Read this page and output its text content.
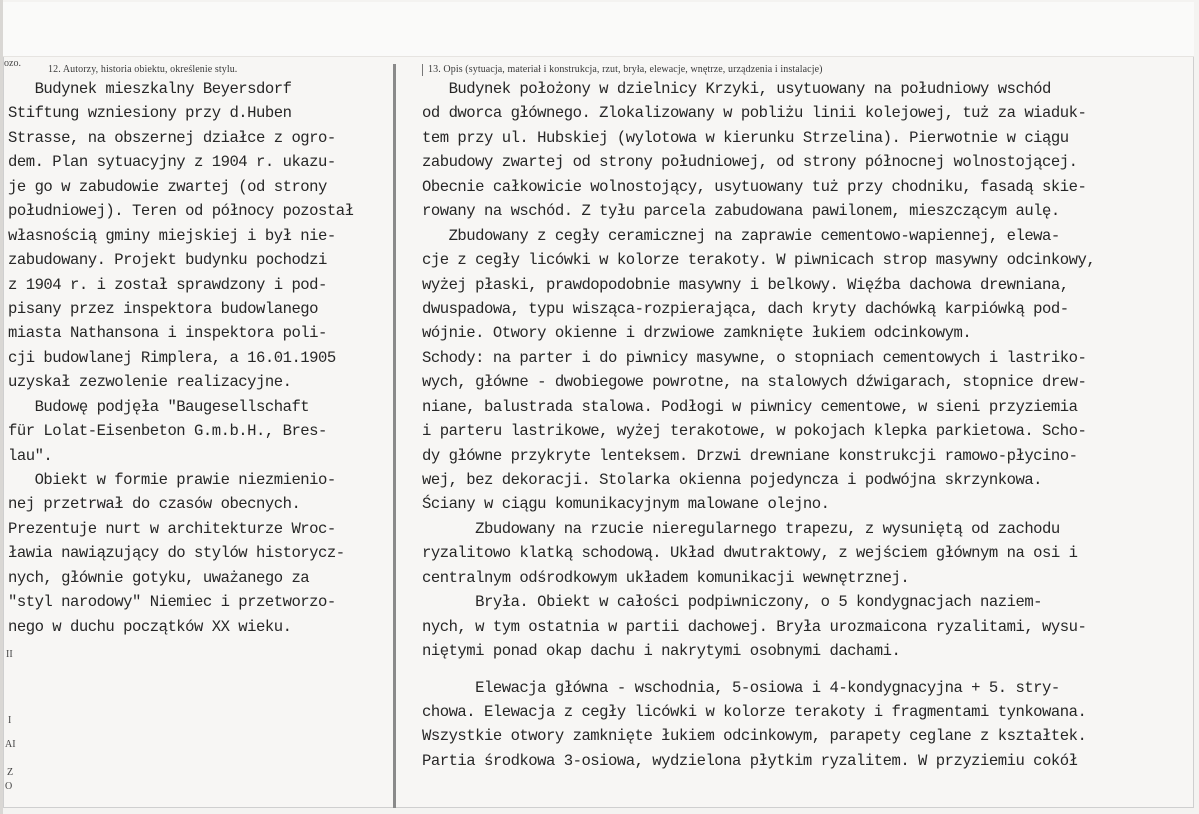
ozo.
II
I
AI
Z
O
12. Autorzy, historia obiektu, określenie stylu.	13. Opis (sytuacja, materiał i konstrukcja, rzut, bryła, elewacje, wnętrze, urządzenia i instalacje)
Budynek mieszkalny Beyersdorf
Stiftung wzniesiony przy d.Huben
Strasse, na obszernej działce z ogro-
dem. Plan sytuacyjny z 1904 r. ukazu-
je go w zabudowie zwartej (od strony
południowej). Teren od północy pozostał
własnością gminy miejskiej i był nie-
zabudowany. Projekt budynku pochodzi
z 1904 r. i został sprawdzony i pod-
pisany przez inspektora budowlanego
miasta Nathansona i inspektora poli-
cji budowlanej Rimplera, a 16.01.1905
uzyskał zezwolenie realizacyjne.
Budowę podjęła "Baugesellschaft
für Lolat-Eisenbeton G.m.b.H., Bres-
lau".
Obiekt w formie prawie niezmienio-
nej przetrwał do czasów obecnych.
Prezentuje nurt w architekturze Wroc-
ławia nawiązujący do stylów historycz-
nych, głównie gotyku, uważanego za
"styl narodowy" Niemiec i przetworzo-
nego w duchu początków XX wieku.
Budynek położony w dzielnicy Krzyki, usytuowany na południowy wschód
od dworca głównego. Zlokalizowany w pobliżu linii kolejowej, tuż za wiaduk-
tem przy ul. Hubskiej (wylotowa w kierunku Strzelina). Pierwotnie w ciągu
zabudowy zwartej od strony południowej, od strony północnej wolnostojącej.
Obecnie całkowicie wolnostojący, usytuowany tuż przy chodniku, fasadą skie-
rowany na wschód. Z tyłu parcela zabudowana pawilonem, mieszczącym aulę.
Zbudowany z cegły ceramicznej na zaprawie cementowo-wapiennej, elewa-
cje z cegły licówki w kolorze terakoty. W piwnicach strop masywny odcinkowy,
wyżej płaski, prawdopodobnie masywny i belkowy. Więźba dachowa drewniana,
dwuspadowa, typu wisząca-rozpierająca, dach kryty dachówką karpiówką pod-
wójnie. Otwory okienne i drzwiowe zamknięte łukiem odcinkowym.
Schody: na parter i do piwnicy masywne, o stopniach cementowych i lastriko-
wych, główne - dwobiegowe powrotne, na stalowych dźwigarach, stopnice drew-
niane, balustrada stalowa. Podłogi w piwnicy cementowe, w sieni przyziemia
i parteru lastrikowe, wyżej terakotowe, w pokojach klepka parkietowa. Scho-
dy główne przykryte lenteksem. Drzwi drewniane konstrukcji ramowo-płycino-
wej, bez dekoracji. Stolarka okienna pojedyncza i podwójna skrzynkowa.
Ściany w ciągu komunikacyjnym malowane olejno.
Zbudowany na rzucie nieregularnego trapezu, z wysuniętą od zachodu
ryzalitowo klatką schodową. Układ dwutraktowy, z wejściem głównym na osi i
centralnym odśrodkowym układem komunikacji wewnętrznej.
Bryła. Obiekt w całości podpiwniczony, o 5 kondygnacjach naziem-
nych, w tym ostatnia w partii dachowej. Bryła urozmaicona ryzalitami, wysu-
niętymi ponad okap dachu i nakrytymi osobnymi dachami.
Elewacja główna - wschodnia, 5-osiowa i 4-kondygnacyjna + 5. stry-
chowa. Elewacja z cegły licówki w kolorze terakoty i fragmentami tynkowana.
Wszystkie otwory zamknięte łukiem odcinkowym, parapety ceglane z kształtek.
Partia środkowa 3-osiowa, wydzielona płytkim ryzalitem. W przyziemiu cokół
